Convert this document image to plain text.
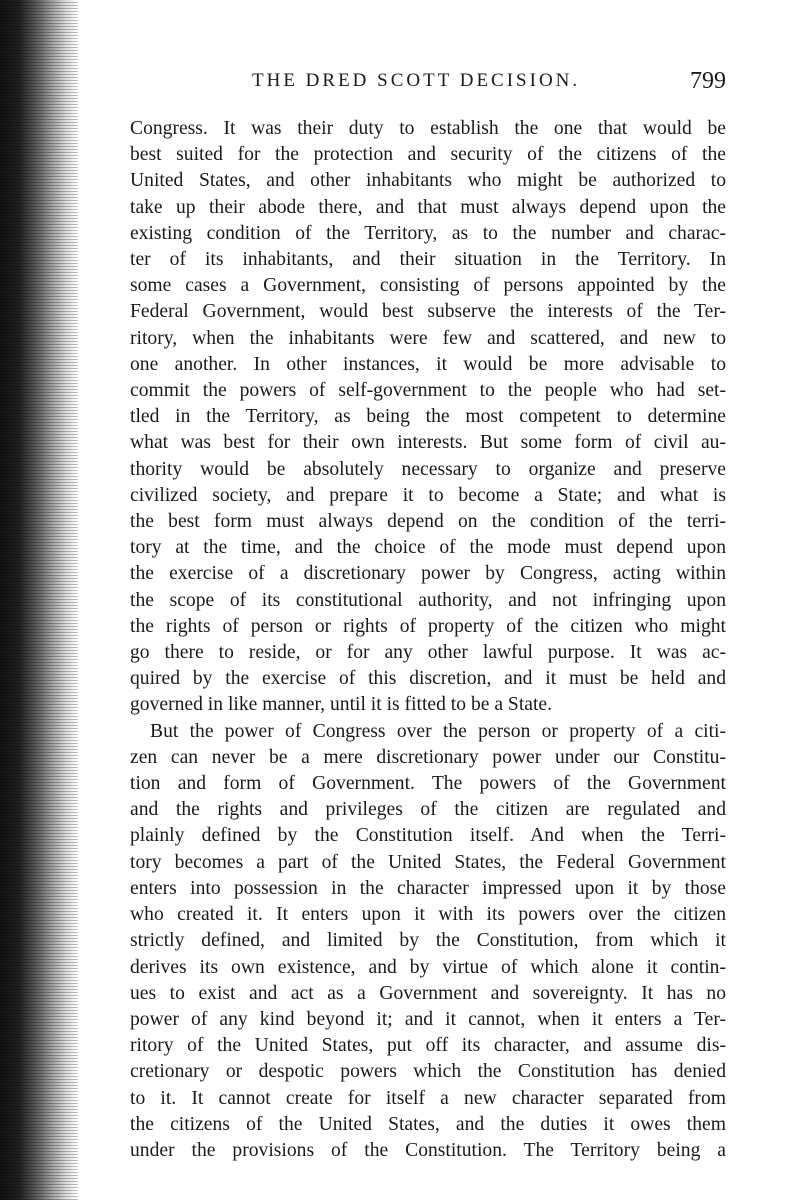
THE DRED SCOTT DECISION.	799
Congress. It was their duty to establish the one that would be
best suited for the protection and security of the citizens of the
United States, and other inhabitants who might be authorized to
take up their abode there, and that must always depend upon the
existing condition of the Territory, as to the number and charac-
ter of its inhabitants, and their situation in the Territory. In
some cases a Government, consisting of persons appointed by the
Federal Government, would best subserve the interests of the Ter-
ritory, when the inhabitants were few and scattered, and new to
one another. In other instances, it would be more advisable to
commit the powers of self-government to the people who had set-
tled in the Territory, as being the most competent to determine
what was best for their own interests. But some form of civil au-
thority would be absolutely necessary to organize and preserve
civilized society, and prepare it to become a State; and what is
the best form must always depend on the condition of the terri-
tory at the time, and the choice of the mode must depend upon
the exercise of a discretionary power by Congress, acting within
the scope of its constitutional authority, and not infringing upon
the rights of person or rights of property of the citizen who might
go there to reside, or for any other lawful purpose. It was ac-
quired by the exercise of this discretion, and it must be held and
governed in like manner, until it is fitted to be a State.
But the power of Congress over the person or property of a citi-
zen can never be a mere discretionary power under our Constitu-
tion and form of Government. The powers of the Government
and the rights and privileges of the citizen are regulated and
plainly defined by the Constitution itself. And when the Terri-
tory becomes a part of the United States, the Federal Government
enters into possession in the character impressed upon it by those
who created it. It enters upon it with its powers over the citizen
strictly defined, and limited by the Constitution, from which it
derives its own existence, and by virtue of which alone it contin-
ues to exist and act as a Government and sovereignty. It has no
power of any kind beyond it; and it cannot, when it enters a Ter-
ritory of the United States, put off its character, and assume dis-
cretionary or despotic powers which the Constitution has denied
to it. It cannot create for itself a new character separated from
the citizens of the United States, and the duties it owes them
under the provisions of the Constitution. The Territory being a
